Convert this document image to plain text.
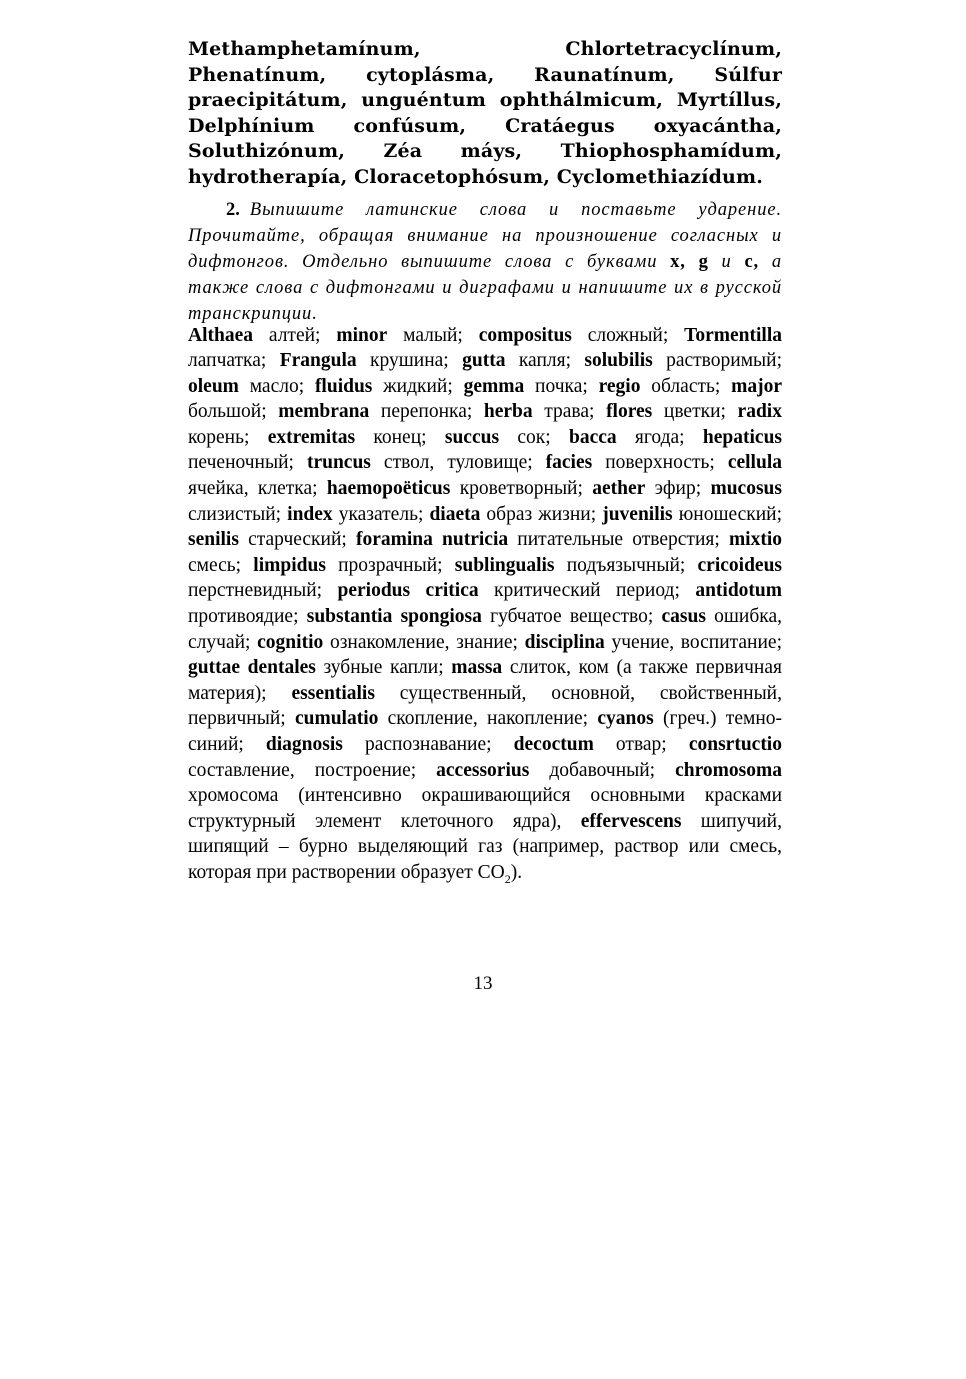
Methamphetamínum, Chlortetracyclínum, Phenatínum, cytoplásma, Raunatínum, Súlfur praecipitátum, unguéntum ophthálmicum, Myrtíllus, Delphínium confúsum, Cratáegus oxyacántha, Soluthizónum, Zéa máys, Thiophosphamídum, hydrotherapía, Cloracetophósum, Cyclomethiazídum.

2. Выпишите латинские слова и поставьте ударение. Прочитайте, обращая внимание на произношение согласных и дифтонгов. Отдельно выпишите слова с буквами x, g и c, а также слова с дифтонгами и диграфами и напишите их в русской транскрипции.

Althaea алтей; minor малый; compositus сложный; Tormentilla лапчатка; Frangula крушина; gutta капля; solubilis растворимый; oleum масло; fluidus жидкий; gemma почка; regio область; major большой; membrana перепонка; herba трава; flores цветки; radix корень; extremitas конец; succus сок; bacca ягода; hepaticus печеночный; truncus ствол, туловище; facies поверхность; cellula ячейка, клетка; haemopoëticus кроветворный; aether эфир; mucosus слизистый; index указатель; diaeta образ жизни; juvenilis юношеский; senilis старческий; foramina nutricia питательные отверстия; mixtio смесь; limpidus прозрачный; sublingualis подъязычный; cricoideus перстневидный; periodus critica критический период; antidotum противоядие; substantia spongiosa губчатое вещество; casus ошибка, случай; cognitio ознакомление, знание; disciplina учение, воспитание; guttae dentales зубные капли; massa слиток, ком (а также первичная материя); essentialis существенный, основной, свойственный, первичный; cumulatio скопление, накопление; cyanos (греч.) темно-синий; diagnosis распознавание; decoctum отвар; consrtuctio составление, построение; accessorius добавочный; chromosoma хромосома (интенсивно окрашивающийся основными красками структурный элемент клеточного ядра), effervescens шипучий, шипящий – бурно выделяющий газ (например, раствор или смесь, которая при растворении образует $CO_2$).

13
